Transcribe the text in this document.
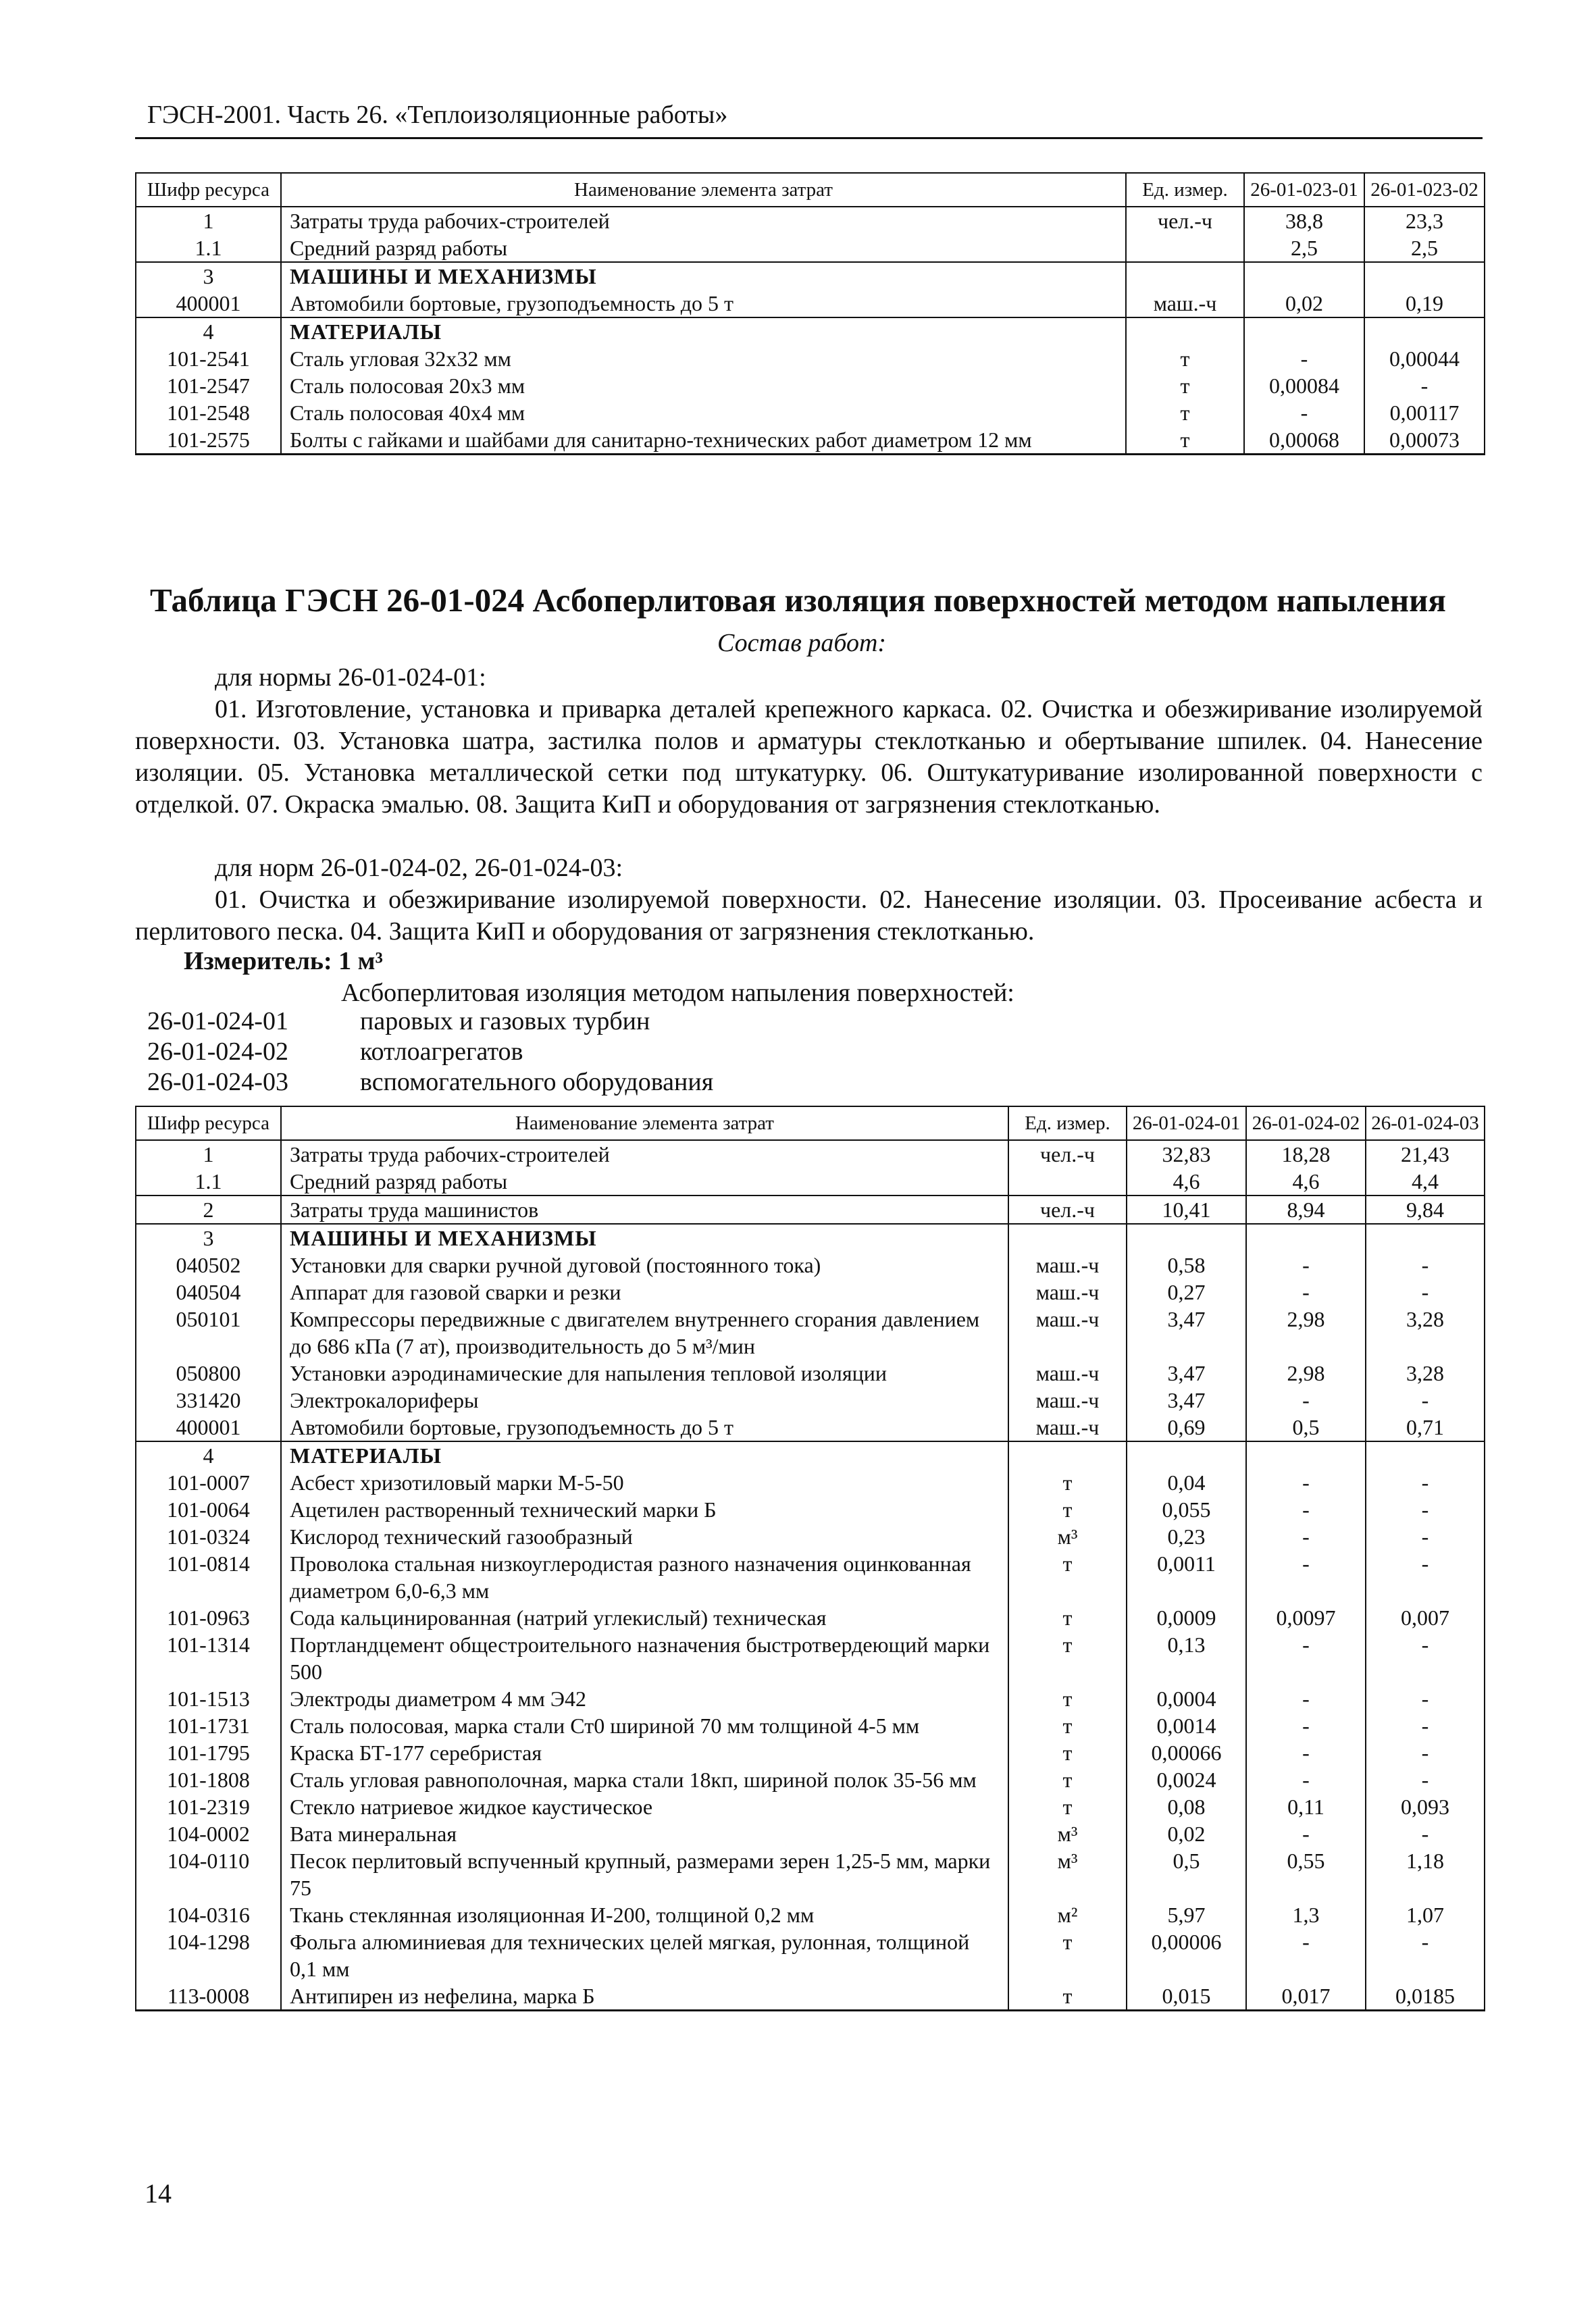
ГЭСН-2001. Часть 26. «Теплоизоляционные работы»
Шифр ресурса	Наименование элемента затрат	Ед. измер.	26-01-023-01	26-01-023-02
1	Затраты труда рабочих-строителей	чел.-ч	38,8	23,3
1.1	Средний разряд работы		2,5	2,5
3	МАШИНЫ И МЕХАНИЗМЫ			
400001	Автомобили бортовые, грузоподъемность до 5 т	маш.-ч	0,02	0,19
4	МАТЕРИАЛЫ			
101-2541	Сталь угловая 32х32 мм	т	-	0,00044
101-2547	Сталь полосовая 20х3 мм	т	0,00084	-
101-2548	Сталь полосовая 40х4 мм	т	-	0,00117
101-2575	Болты с гайками и шайбами для санитарно-технических работ диаметром 12 мм	т	0,00068	0,00073
Таблица ГЭСН 26-01-024 Асбоперлитовая изоляция поверхностей методом напыления
Состав работ:
для нормы 26-01-024-01:
01. Изготовление, установка и приварка деталей крепежного каркаса. 02. Очистка и обезжиривание изолируемой поверхности. 03. Установка шатра, застилка полов и арматуры стеклотканью и обертывание шпилек. 04. Нанесение изоляции. 05. Установка металлической сетки под штукатурку. 06. Оштукатуривание изолированной поверхности с отделкой. 07. Окраска эмалью. 08. Защита КиП и оборудования от загрязнения стеклотканью.
для норм 26-01-024-02, 26-01-024-03:
01. Очистка и обезжиривание изолируемой поверхности. 02. Нанесение изоляции. 03. Просеивание асбеста и перлитового песка. 04. Защита КиП и оборудования от загрязнения стеклотканью.
Измеритель: 1 м³
Асбоперлитовая изоляция методом напыления поверхностей:
26-01-024-01	паровых и газовых турбин
26-01-024-02	котлоагрегатов
26-01-024-03	вспомогательного оборудования
Шифр ресурса	Наименование элемента затрат	Ед. измер.	26-01-024-01	26-01-024-02	26-01-024-03
1	Затраты труда рабочих-строителей	чел.-ч	32,83	18,28	21,43
1.1	Средний разряд работы		4,6	4,6	4,4
2	Затраты труда машинистов	чел.-ч	10,41	8,94	9,84
3	МАШИНЫ И МЕХАНИЗМЫ				
040502	Установки для сварки ручной дуговой (постоянного тока)	маш.-ч	0,58	-	-
040504	Аппарат для газовой сварки и резки	маш.-ч	0,27	-	-
050101	Компрессоры передвижные с двигателем внутреннего сгорания давлением до 686 кПа (7 ат), производительность до 5 м³/мин	маш.-ч	3,47	2,98	3,28
050800	Установки аэродинамические для напыления тепловой изоляции	маш.-ч	3,47	2,98	3,28
331420	Электрокалориферы	маш.-ч	3,47	-	-
400001	Автомобили бортовые, грузоподъемность до 5 т	маш.-ч	0,69	0,5	0,71
4	МАТЕРИАЛЫ				
101-0007	Асбест хризотиловый марки М-5-50	т	0,04	-	-
101-0064	Ацетилен растворенный технический марки Б	т	0,055	-	-
101-0324	Кислород технический газообразный	м³	0,23	-	-
101-0814	Проволока стальная низкоуглеродистая разного назначения оцинкованная диаметром 6,0-6,3 мм	т	0,0011	-	-
101-0963	Сода кальцинированная (натрий углекислый) техническая	т	0,0009	0,0097	0,007
101-1314	Портландцемент общестроительного назначения быстротвердеющий марки 500	т	0,13	-	-
101-1513	Электроды диаметром 4 мм Э42	т	0,0004	-	-
101-1731	Сталь полосовая, марка стали Ст0 шириной 70 мм толщиной 4-5 мм	т	0,0014	-	-
101-1795	Краска БТ-177 серебристая	т	0,00066	-	-
101-1808	Сталь угловая равнополочная, марка стали 18кп, шириной полок 35-56 мм	т	0,0024	-	-
101-2319	Стекло натриевое жидкое каустическое	т	0,08	0,11	0,093
104-0002	Вата минеральная	м³	0,02	-	-
104-0110	Песок перлитовый вспученный крупный, размерами зерен 1,25-5 мм, марки 75	м³	0,5	0,55	1,18
104-0316	Ткань стеклянная изоляционная И-200, толщиной 0,2 мм	м²	5,97	1,3	1,07
104-1298	Фольга алюминиевая для технических целей мягкая, рулонная, толщиной 0,1 мм	т	0,00006	-	-
113-0008	Антипирен из нефелина, марка Б	т	0,015	0,017	0,0185
14
